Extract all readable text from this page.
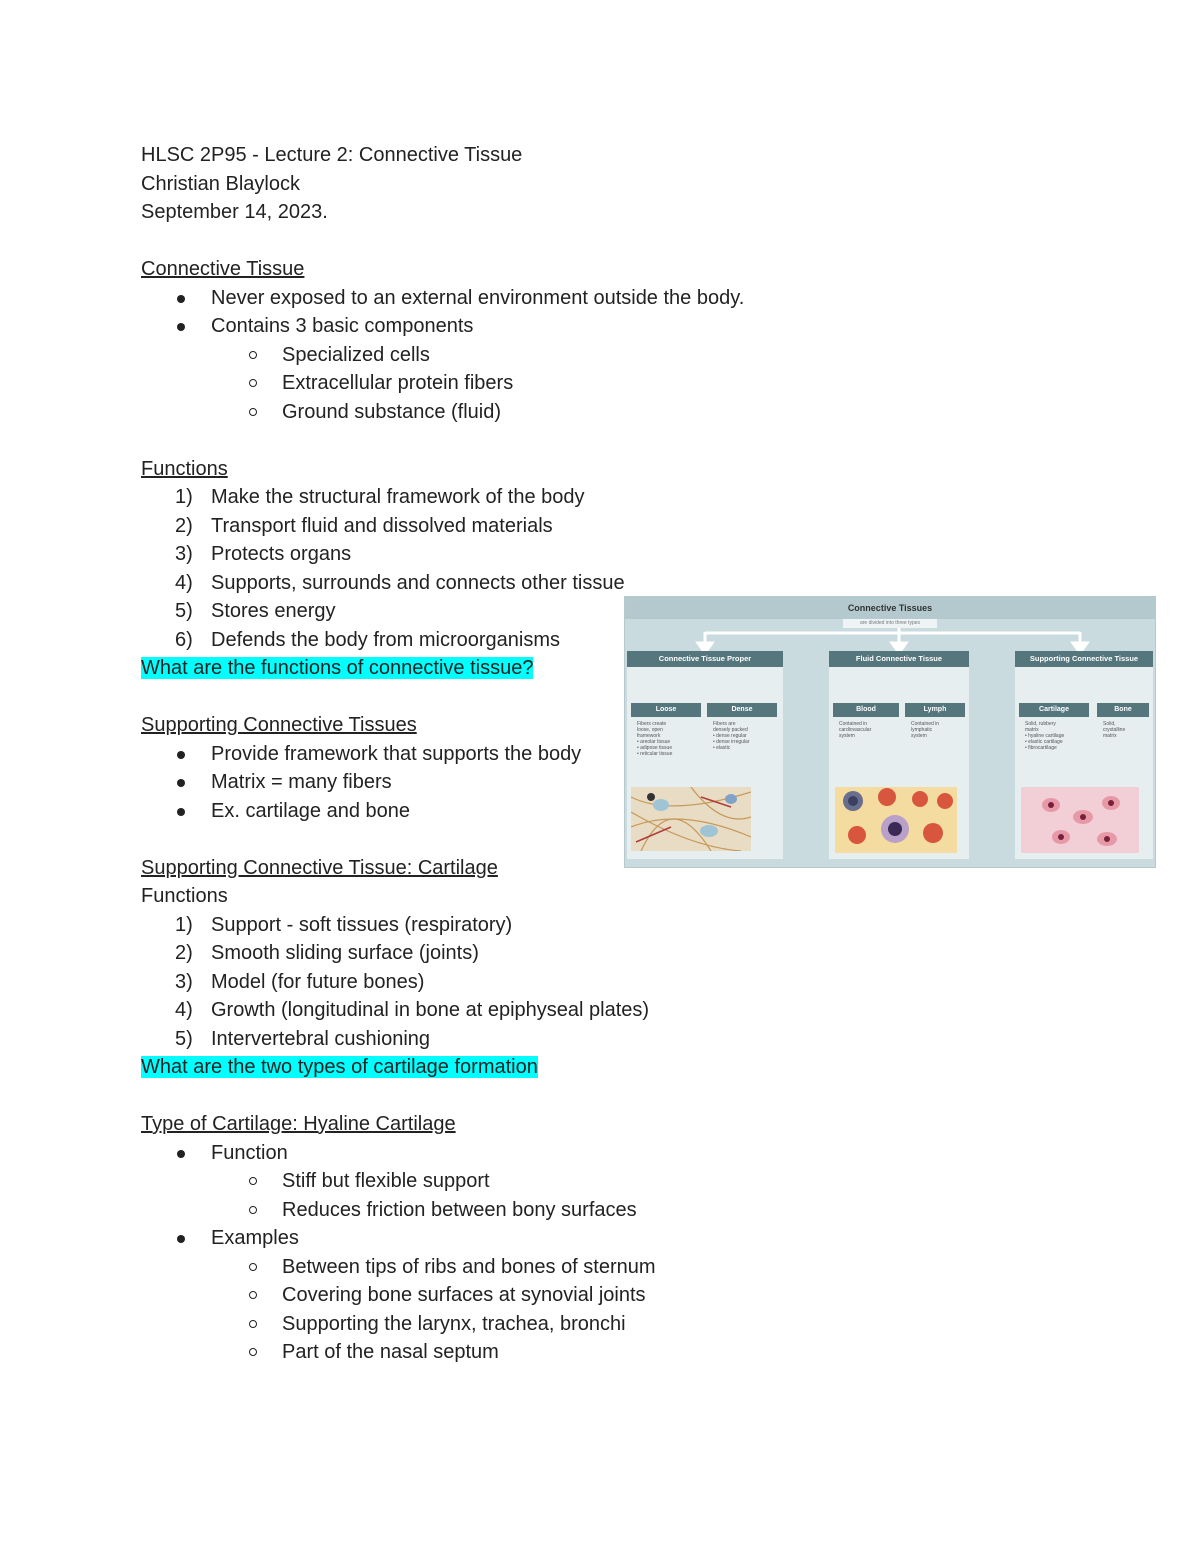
HLSC 2P95 - Lecture 2: Connective Tissue
Christian Blaylock
September 14, 2023.
Connective Tissue
Never exposed to an external environment outside the body.
Contains 3 basic components
Specialized cells
Extracellular protein fibers
Ground substance (fluid)
Functions
1) Make the structural framework of the body
2) Transport fluid and dissolved materials
3) Protects organs
4) Supports, surrounds and connects other tissue
5) Stores energy
6) Defends the body from microorganisms
What are the functions of connective tissue?
Supporting Connective Tissues
Provide framework that supports the body
Matrix = many fibers
Ex. cartilage and bone
Supporting Connective Tissue: Cartilage
Functions
1) Support - soft tissues (respiratory)
2) Smooth sliding surface (joints)
3) Model (for future bones)
4) Growth (longitudinal in bone at epiphyseal plates)
5) Intervertebral cushioning
What are the two types of cartilage formation
Type of Cartilage: Hyaline Cartilage
Function
Stiff but flexible support
Reduces friction between bony surfaces
Examples
Between tips of ribs and bones of sternum
Covering bone surfaces at synovial joints
Supporting the larynx, trachea, bronchi
Part of the nasal septum
Connective Tissues
are divided into three types
Connective Tissue Proper
Loose	Dense
Fibers create
loose, open
framework
• areolar tissue
• adipose tissue
• reticular tissue
Fibers are
densely packed
• dense regular
• dense irregular
• elastic
Fluid Connective Tissue
Blood	Lymph
Contained in
cardiovascular
system
Contained in
lymphatic
system
Supporting Connective Tissue
Cartilage	Bone
Solid, rubbery
matrix
• hyaline cartilage
• elastic cartilage
• fibrocartilage
Solid,
crystalline
matrix
